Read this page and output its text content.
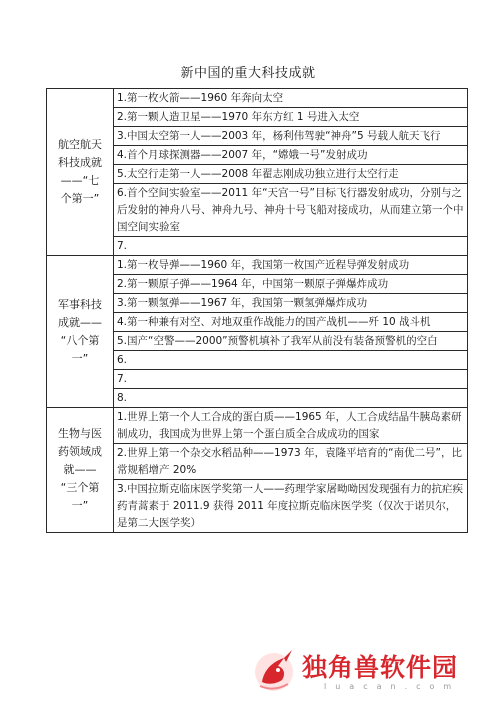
新中国的重大科技成就
航空航天
科技成就
——“七
个第一”	1.第一枚火箭——1960 年奔向太空
	2.第一颗人造卫星——1970 年东方红 1 号进入太空
	3.中国太空第一人——2003 年，杨利伟驾驶“神舟”5 号载人航天飞行
	4.首个月球探测器——2007 年，“嫦娥一号”发射成功
	5.太空行走第一人——2008 年翟志刚成功独立进行太空行走
	6.首个空间实验室——2011 年“天宫一号”目标飞行器发射成功，分别与之后发射的神舟八号、神舟九号、神舟十号飞船对接成功，从而建立第一个中国空间实验室
	7.

军事科技
成就——
“八个第
一”	1.第一枚导弹——1960 年，我国第一枚国产近程导弹发射成功
	2.第一颗原子弹——1964 年，中国第一颗原子弹爆炸成功
	3.第一颗氢弹——1967 年，我国第一颗氢弹爆炸成功
	4.第一种兼有对空、对地双重作战能力的国产战机——歼 10 战斗机
	5.国产“空警——2000”预警机填补了我军从前没有装备预警机的空白
	6.
	7.
	8.

生物与医
药领域成
就——
“三个第
一”	1.世界上第一个人工合成的蛋白质——1965 年，人工合成结晶牛胰岛素研制成功，我国成为世界上第一个蛋白质全合成成功的国家
	2.世界上第一个杂交水稻品种——1973 年，袁隆平培育的“南优二号”，比常规稻增产 20%
	3.中国拉斯克临床医学奖第一人——药理学家屠呦呦因发现强有力的抗疟疾药青蒿素于 2011.9 获得 2011 年度拉斯克临床医学奖（仅次于诺贝尔，是第二大医学奖）
独角兽软件园
luacan.com
